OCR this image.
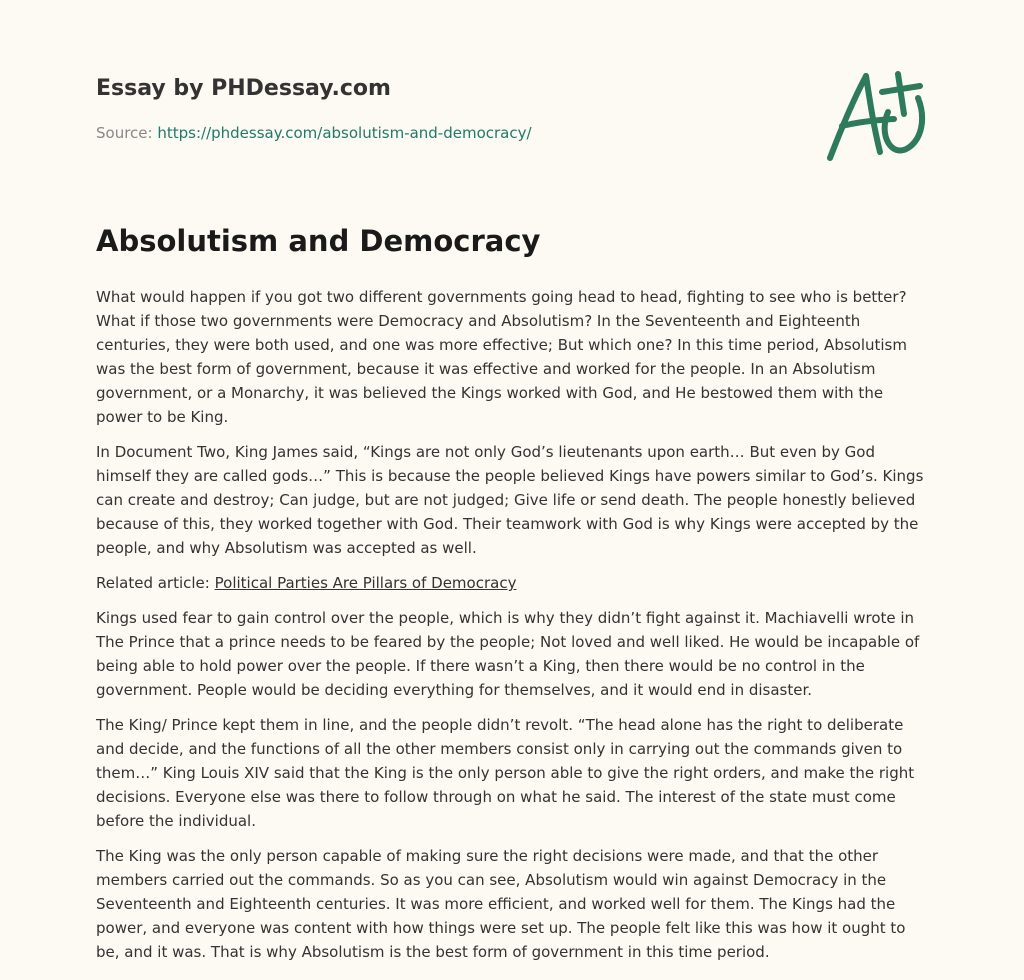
Essay by PHDessay.com

Source: https://phdessay.com/absolutism-and-democracy/

Absolutism and Democracy

What would happen if you got two different governments going head to head, fighting to see who is better? What if those two governments were Democracy and Absolutism? In the Seventeenth and Eighteenth centuries, they were both used, and one was more effective; But which one? In this time period, Absolutism was the best form of government, because it was effective and worked for the people. In an Absolutism government, or a Monarchy, it was believed the Kings worked with God, and He bestowed them with the power to be King.

In Document Two, King James said, “Kings are not only God’s lieutenants upon earth… But even by God himself they are called gods…” This is because the people believed Kings have powers similar to God’s. Kings can create and destroy; Can judge, but are not judged; Give life or send death. The people honestly believed because of this, they worked together with God. Their teamwork with God is why Kings were accepted by the people, and why Absolutism was accepted as well.

Related article: Political Parties Are Pillars of Democracy

Kings used fear to gain control over the people, which is why they didn’t fight against it. Machiavelli wrote in The Prince that a prince needs to be feared by the people; Not loved and well liked. He would be incapable of being able to hold power over the people. If there wasn’t a King, then there would be no control in the government. People would be deciding everything for themselves, and it would end in disaster.

The King/ Prince kept them in line, and the people didn’t revolt. “The head alone has the right to deliberate and decide, and the functions of all the other members consist only in carrying out the commands given to them…” King Louis XIV said that the King is the only person able to give the right orders, and make the right decisions. Everyone else was there to follow through on what he said. The interest of the state must come before the individual.

The King was the only person capable of making sure the right decisions were made, and that the other members carried out the commands. So as you can see, Absolutism would win against Democracy in the Seventeenth and Eighteenth centuries. It was more efficient, and worked well for them. The Kings had the power, and everyone was content with how things were set up. The people felt like this was how it ought to be, and it was. That is why Absolutism is the best form of government in this time period.
